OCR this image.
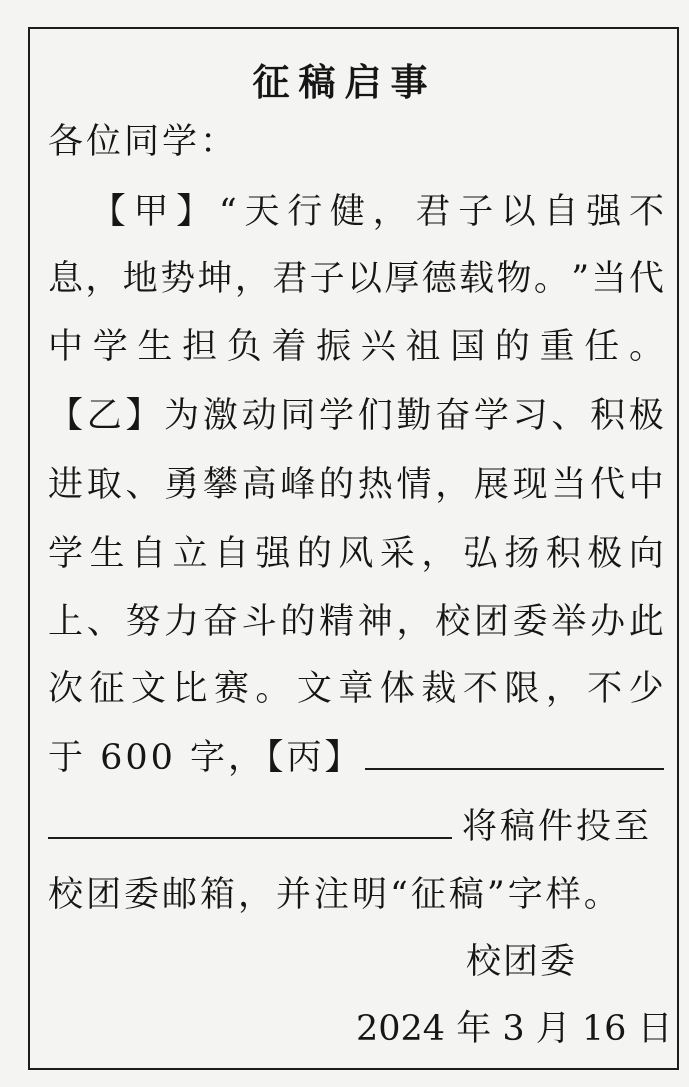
征稿启事
各位同学：

【 甲 】 “ 天 行 健 ， 君 子 以 自 强 不
息 ， 地 势 坤 ， 君 子 以 厚 德 载 物 。 ” 当 代
中 学 生 担 负 着 振 兴 祖 国 的 重 任 。
【 乙 】 为 激 动 同 学 们 勤 奋 学 习 、 积 极
进 取 、 勇 攀 高 峰 的 热 情 ， 展 现 当 代 中
学 生 自 立 自 强 的 风 采 ， 弘 扬 积 极 向
上 、 努 力 奋 斗 的 精 神 ， 校 团 委 举 办 此
次 征 文 比 赛 。 文 章 体 裁 不 限 ， 不 少
于 600 字，【丙】
将稿件投至
校团委邮箱，并注明“征稿”字样。
校团委
2024 年 3 月 16 日
